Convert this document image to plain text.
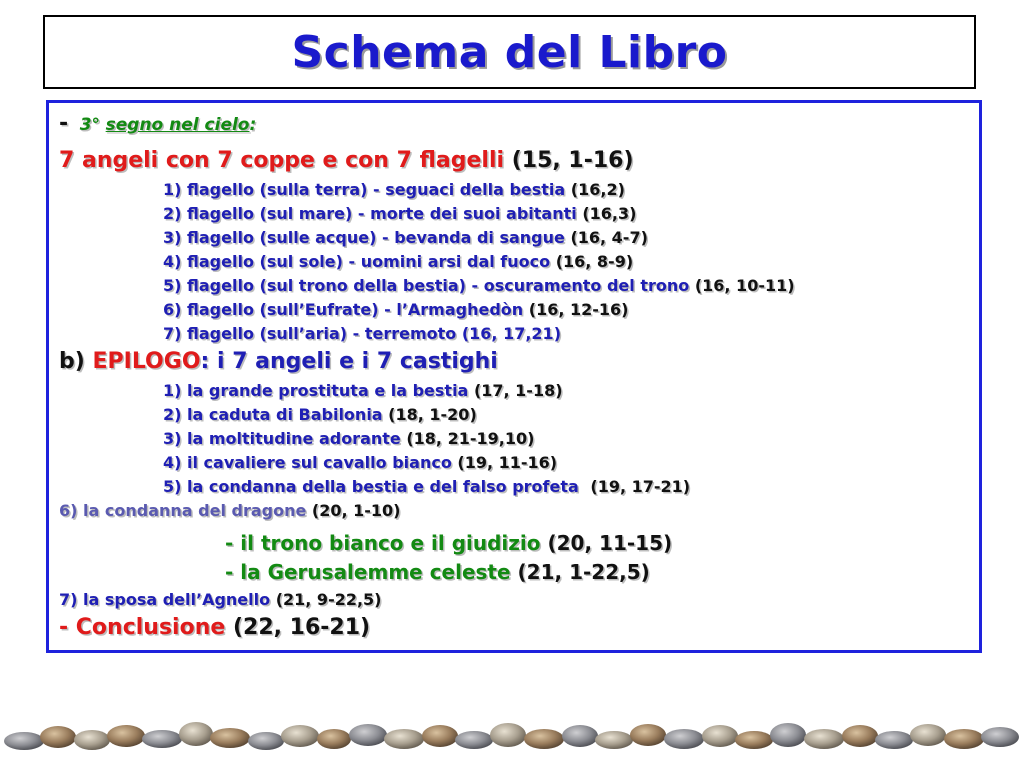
Schema del Libro
- 3° segno nel cielo:
7 angeli con 7 coppe e con 7 flagelli (15, 1-16)
1) flagello (sulla terra) - seguaci della bestia (16,2)
2) flagello (sul mare) - morte dei suoi abitanti (16,3)
3) flagello (sulle acque) - bevanda di sangue (16, 4-7)
4) flagello (sul sole) - uomini arsi dal fuoco (16, 8-9)
5) flagello (sul trono della bestia) - oscuramento del trono (16, 10-11)
6) flagello (sull’Eufrate) - l’Armaghedòn (16, 12-16)
7) flagello (sull’aria) - terremoto (16, 17,21)
b) EPILOGO: i 7 angeli e i 7 castighi
1) la grande prostituta e la bestia (17, 1-18)
2) la caduta di Babilonia (18, 1-20)
3) la moltitudine adorante (18, 21-19,10)
4) il cavaliere sul cavallo bianco (19, 11-16)
5) la condanna della bestia e del falso profeta (19, 17-21)
6) la condanna del dragone (20, 1-10)
- il trono bianco e il giudizio (20, 11-15)
- la Gerusalemme celeste (21, 1-22,5)
7) la sposa dell’Agnello (21, 9-22,5)
- Conclusione (22, 16-21)
